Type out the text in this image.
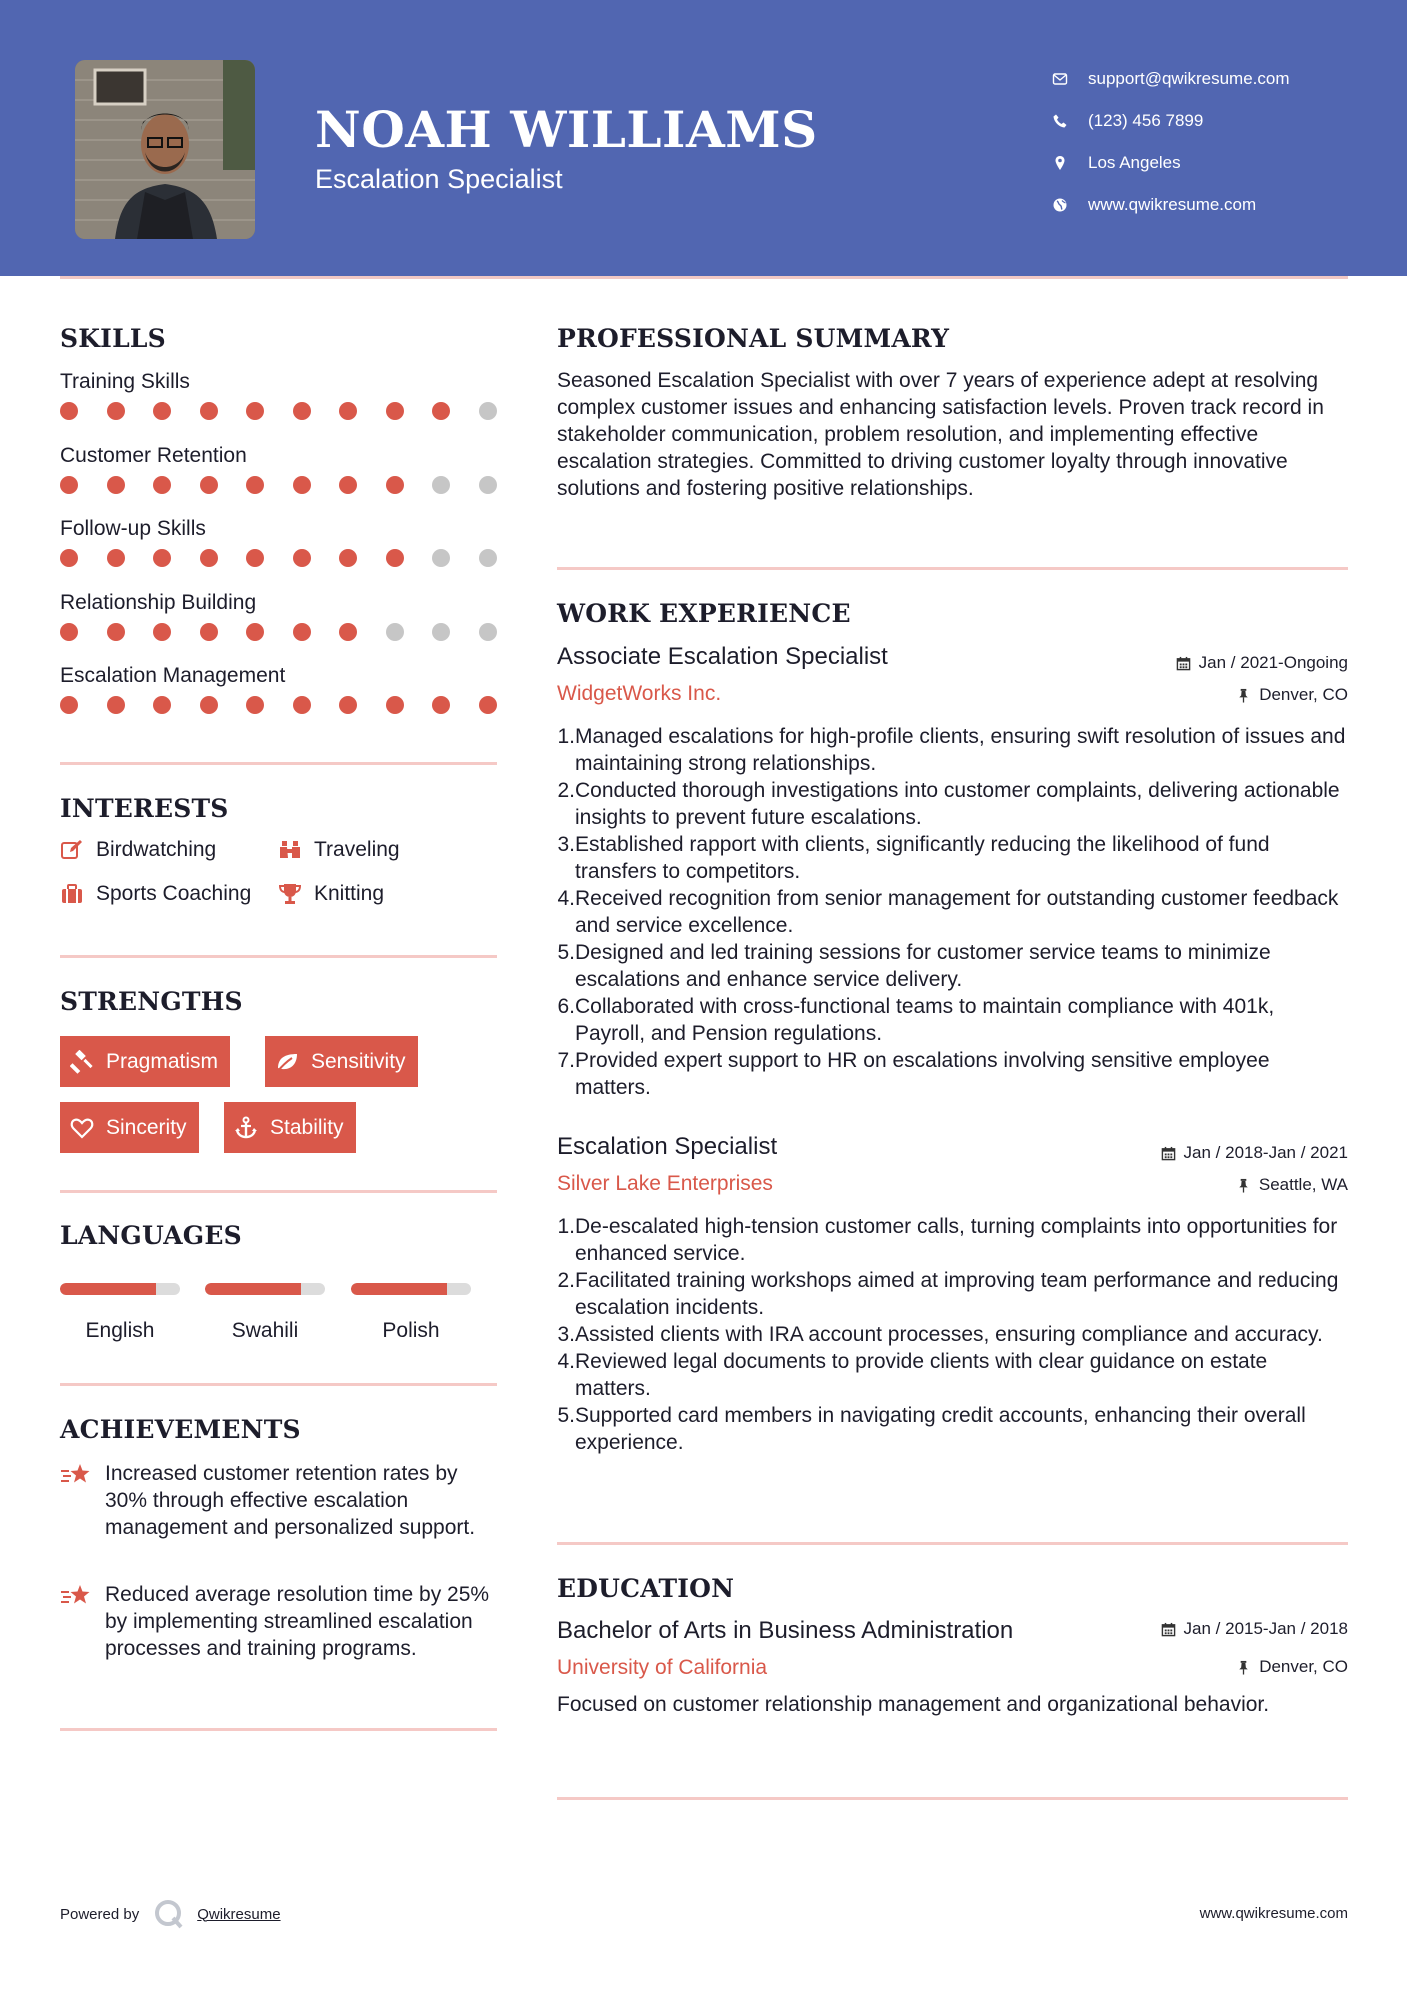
NOAH WILLIAMS
Escalation Specialist
support@qwikresume.com
(123) 456 7899
Los Angeles
www.qwikresume.com
SKILLS
Training Skills
Customer Retention
Follow-up Skills
Relationship Building
Escalation Management
INTERESTS
Birdwatching	Traveling
Sports Coaching	Knitting
STRENGTHS
Pragmatism	Sensitivity
Sincerity	Stability
LANGUAGES
English	Swahili	Polish
ACHIEVEMENTS
Increased customer retention rates by 30% through effective escalation management and personalized support.
Reduced average resolution time by 25% by implementing streamlined escalation processes and training programs.
PROFESSIONAL SUMMARY
Seasoned Escalation Specialist with over 7 years of experience adept at resolving complex customer issues and enhancing satisfaction levels. Proven track record in stakeholder communication, problem resolution, and implementing effective escalation strategies. Committed to driving customer loyalty through innovative solutions and fostering positive relationships.
WORK EXPERIENCE
Associate Escalation Specialist
WidgetWorks Inc.
Jan / 2021-Ongoing
Denver, CO
1. Managed escalations for high-profile clients, ensuring swift resolution of issues and maintaining strong relationships.
2. Conducted thorough investigations into customer complaints, delivering actionable insights to prevent future escalations.
3. Established rapport with clients, significantly reducing the likelihood of fund transfers to competitors.
4. Received recognition from senior management for outstanding customer feedback and service excellence.
5. Designed and led training sessions for customer service teams to minimize escalations and enhance service delivery.
6. Collaborated with cross-functional teams to maintain compliance with 401k, Payroll, and Pension regulations.
7. Provided expert support to HR on escalations involving sensitive employee matters.
Escalation Specialist
Silver Lake Enterprises
Jan / 2018-Jan / 2021
Seattle, WA
1. De-escalated high-tension customer calls, turning complaints into opportunities for enhanced service.
2. Facilitated training workshops aimed at improving team performance and reducing escalation incidents.
3. Assisted clients with IRA account processes, ensuring compliance and accuracy.
4. Reviewed legal documents to provide clients with clear guidance on estate matters.
5. Supported card members in navigating credit accounts, enhancing their overall experience.
EDUCATION
Bachelor of Arts in Business Administration
University of California
Jan / 2015-Jan / 2018
Denver, CO
Focused on customer relationship management and organizational behavior.
Powered by	Qwikresume	www.qwikresume.com
